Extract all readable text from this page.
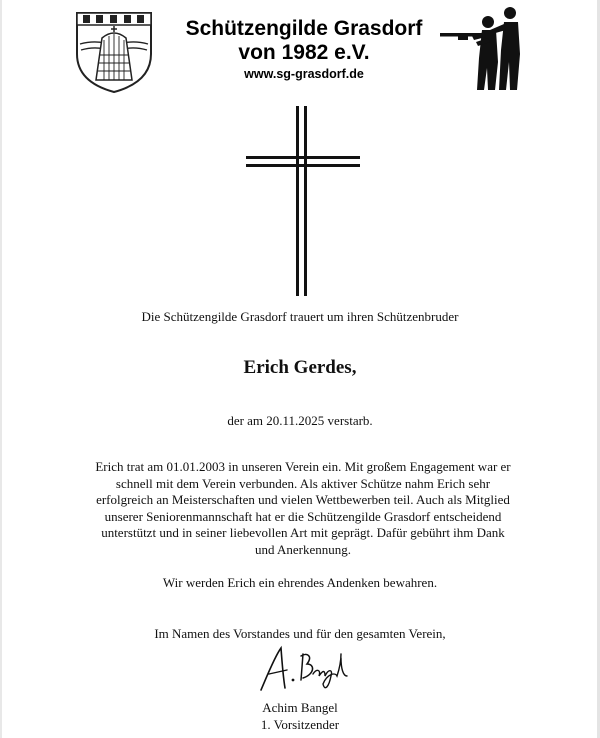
Schützengilde Grasdorf
von 1982 e.V.
www.sg-grasdorf.de
Die Schützengilde Grasdorf trauert um ihren Schützenbruder
Erich Gerdes,
der am 20.11.2025 verstarb.
Erich trat am 01.01.2003 in unseren Verein ein. Mit großem Engagement war er
schnell mit dem Verein verbunden. Als aktiver Schütze nahm Erich sehr
erfolgreich an Meisterschaften und vielen Wettbewerben teil. Auch als Mitglied
unserer Seniorenmannschaft hat er die Schützengilde Grasdorf entscheidend
unterstützt und in seiner liebevollen Art mit geprägt. Dafür gebührt ihm Dank
und Anerkennung.
Wir werden Erich ein ehrendes Andenken bewahren.
Im Namen des Vorstandes und für den gesamten Verein,
Achim Bangel
1. Vorsitzender
